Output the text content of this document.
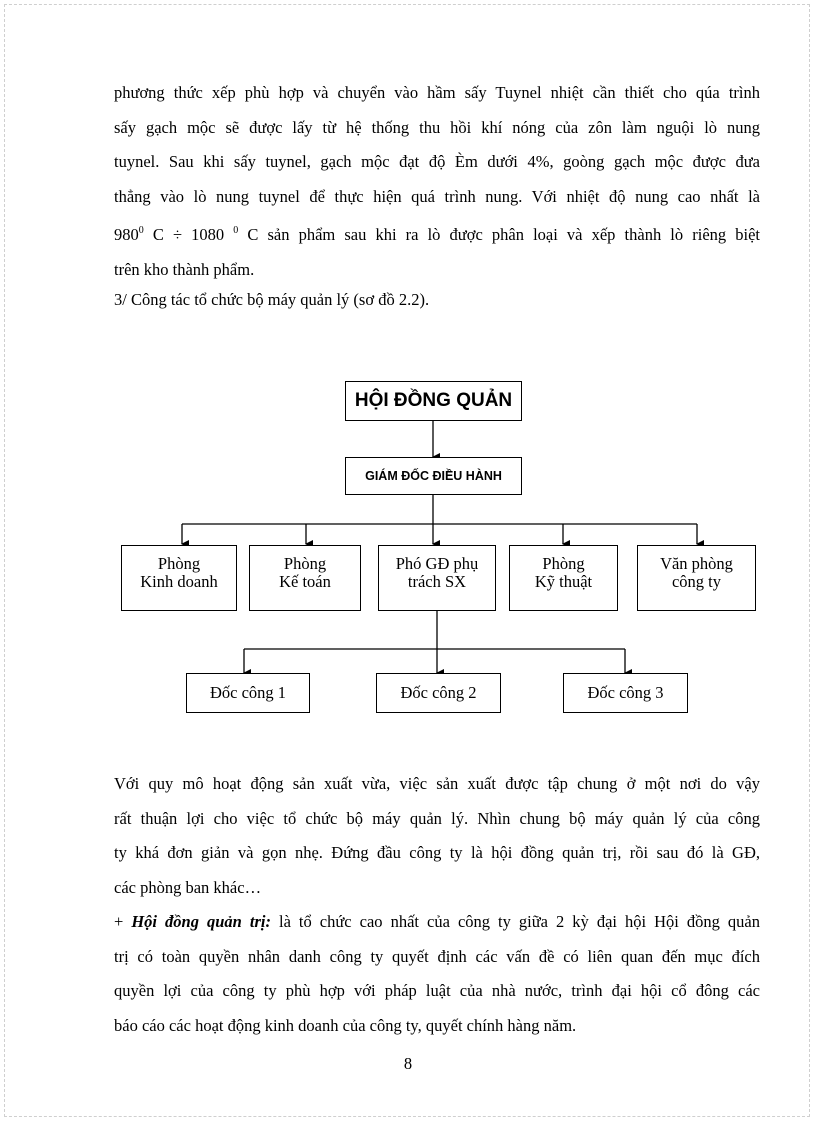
phương thức xếp phù hợp và chuyển vào hầm sấy Tuynel nhiệt cần thiết cho qúa trình
sấy gạch mộc sẽ được lấy từ hệ thống thu hồi khí nóng của zôn làm nguội lò nung
tuynel. Sau khi sấy tuynel, gạch mộc đạt độ Èm dưới 4%, goòng gạch mộc được đưa
thẳng vào lò nung tuynel để thực hiện quá trình nung. Với nhiệt độ nung cao nhất là
$980^0$ C ÷ 1080 $^0$ C sản phẩm sau khi ra lò được phân loại và xếp thành lò riêng biệt
trên kho thành phẩm.
3/ Công tác tổ chức bộ máy quản lý (sơ đồ 2.2).
HỘI ĐỒNG QUẢN
GIÁM ĐỐC ĐIỀU HÀNH
Phòng
Kinh doanh
Phòng
Kế toán
Phó GĐ phụ
trách SX
Phòng
Kỹ thuật
Văn phòng
công ty
Đốc công 1	Đốc công 2	Đốc công 3
Với quy mô hoạt động sản xuất vừa, việc sản xuất được tập chung ở một nơi do vậy
rất thuận lợi cho việc tổ chức bộ máy quản lý. Nhìn chung bộ máy quản lý của công
ty khá đơn giản và gọn nhẹ. Đứng đầu công ty là hội đồng quản trị, rồi sau đó là GĐ,
các phòng ban khác…
+ Hội đồng quản trị: là tổ chức cao nhất của công ty giữa 2 kỳ đại hội Hội đồng quản
trị có toàn quyền nhân danh công ty quyết định các vấn đề có liên quan đến mục đích
quyền lợi của công ty phù hợp với pháp luật của nhà nước, trình đại hội cổ đông các
báo cáo các hoạt động kinh doanh của công ty, quyết chính hàng năm.
8
